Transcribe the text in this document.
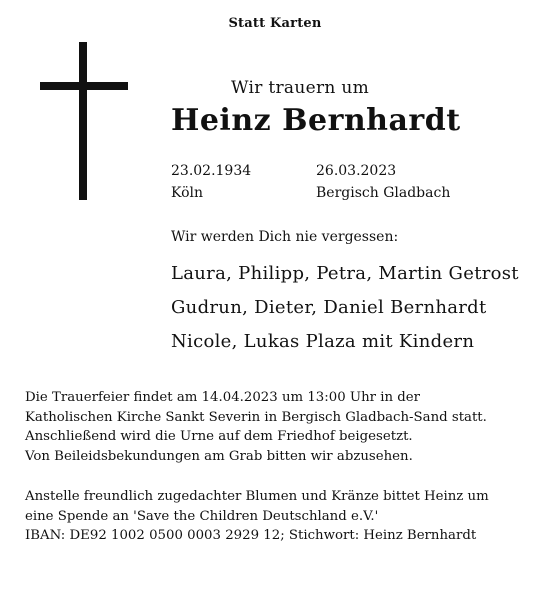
Statt Karten
Wir trauern um
Heinz Bernhardt
23.02.1934
Köln
26.03.2023
Bergisch Gladbach
Wir werden Dich nie vergessen:
Laura, Philipp, Petra, Martin Getrost
Gudrun, Dieter, Daniel Bernhardt
Nicole, Lukas Plaza mit Kindern
Die Trauerfeier findet am 14.04.2023 um 13:00 Uhr in der
Katholischen Kirche Sankt Severin in Bergisch Gladbach-Sand statt.
Anschließend wird die Urne auf dem Friedhof beigesetzt.
Von Beileidsbekundungen am Grab bitten wir abzusehen.
Anstelle freundlich zugedachter Blumen und Kränze bittet Heinz um
eine Spende an 'Save the Children Deutschland e.V.'
IBAN: DE92 1002 0500 0003 2929 12; Stichwort: Heinz Bernhardt
